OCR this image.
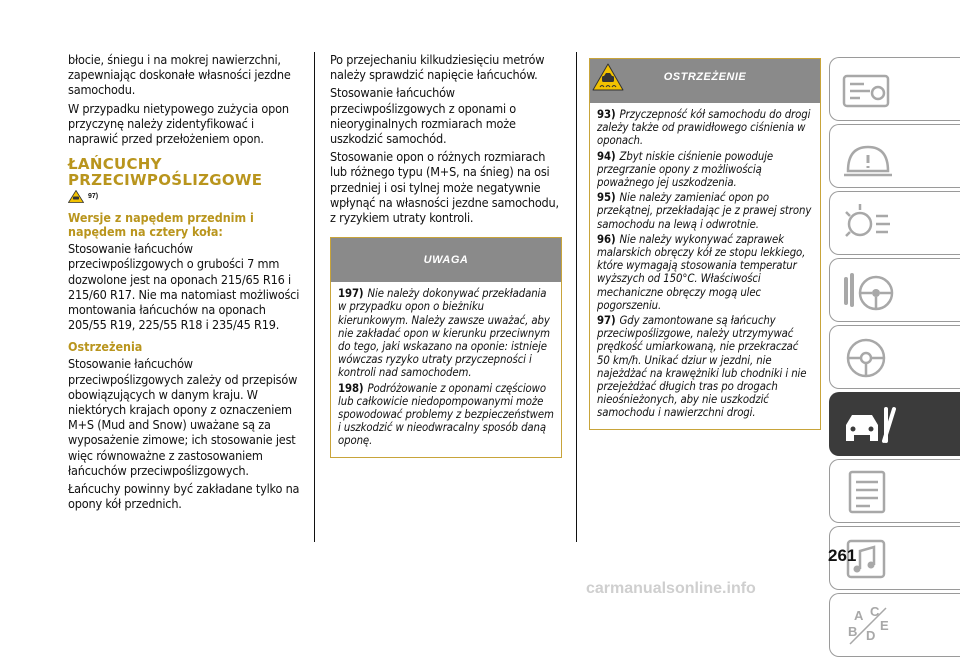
błocie, śniegu i na mokrej nawierzchni, zapewniając doskonałe własności jezdne samochodu.

W przypadku nietypowego zużycia opon przyczynę należy zidentyfikować i naprawić przed przełożeniem opon.

ŁAŃCUCHY PRZECIWPOŚLIZGOWE
97)
Wersje z napędem przednim i napędem na cztery koła:

Stosowanie łańcuchów przeciwpoślizgowych o grubości 7 mm dozwolone jest na oponach 215/65 R16 i 215/60 R17. Nie ma natomiast możliwości montowania łańcuchów na oponach 205/55 R19, 225/55 R18 i 235/45 R19.

Ostrzeżenia

Stosowanie łańcuchów przeciwpoślizgowych zależy od przepisów obowiązujących w danym kraju. W niektórych krajach opony z oznaczeniem M+S (Mud and Snow) uważane są za wyposażenie zimowe; ich stosowanie jest więc równoważne z zastosowaniem łańcuchów przeciwpoślizgowych.

Łańcuchy powinny być zakładane tylko na opony kół przednich.

Po przejechaniu kilkudziesięciu metrów należy sprawdzić napięcie łańcuchów.

Stosowanie łańcuchów przeciwpoślizgowych z oponami o nieoryginalnych rozmiarach może uszkodzić samochód.

Stosowanie opon o różnych rozmiarach lub różnego typu (M+S, na śnieg) na osi przedniej i osi tylnej może negatywnie wpłynąć na własności jezdne samochodu, z ryzykiem utraty kontroli.

UWAGA

197) Nie należy dokonywać przekładania w przypadku opon o bieżniku kierunkowym. Należy zawsze uważać, aby nie zakładać opon w kierunku przeciwnym do tego, jaki wskazano na oponie: istnieje wówczas ryzyko utraty przyczepności i kontroli nad samochodem.

198) Podróżowanie z oponami częściowo lub całkowicie niedopompowanymi może spowodować problemy z bezpieczeństwem i uszkodzić w nieodwracalny sposób daną oponę.

OSTRZEŻENIE

93) Przyczepność kół samochodu do drogi zależy także od prawidłowego ciśnienia w oponach.

94) Zbyt niskie ciśnienie powoduje przegrzanie opony z możliwością poważnego jej uszkodzenia.

95) Nie należy zamieniać opon po przekątnej, przekładając je z prawej strony samochodu na lewą i odwrotnie.

96) Nie należy wykonywać zaprawek malarskich obręczy kół ze stopu lekkiego, które wymagają stosowania temperatur wyższych od 150°C. Właściwości mechaniczne obręczy mogą ulec pogorszeniu.

97) Gdy zamontowane są łańcuchy przeciwpoślizgowe, należy utrzymywać prędkość umiarkowaną, nie przekraczać 50 km/h. Unikać dziur w jezdni, nie najeżdżać na krawężniki lub chodniki i nie przejeżdżać długich tras po drogach nieośnieżonych, aby nie uszkodzić samochodu i nawierzchni drogi.

A
B
C
D
E
261
carmanualsonline.info
